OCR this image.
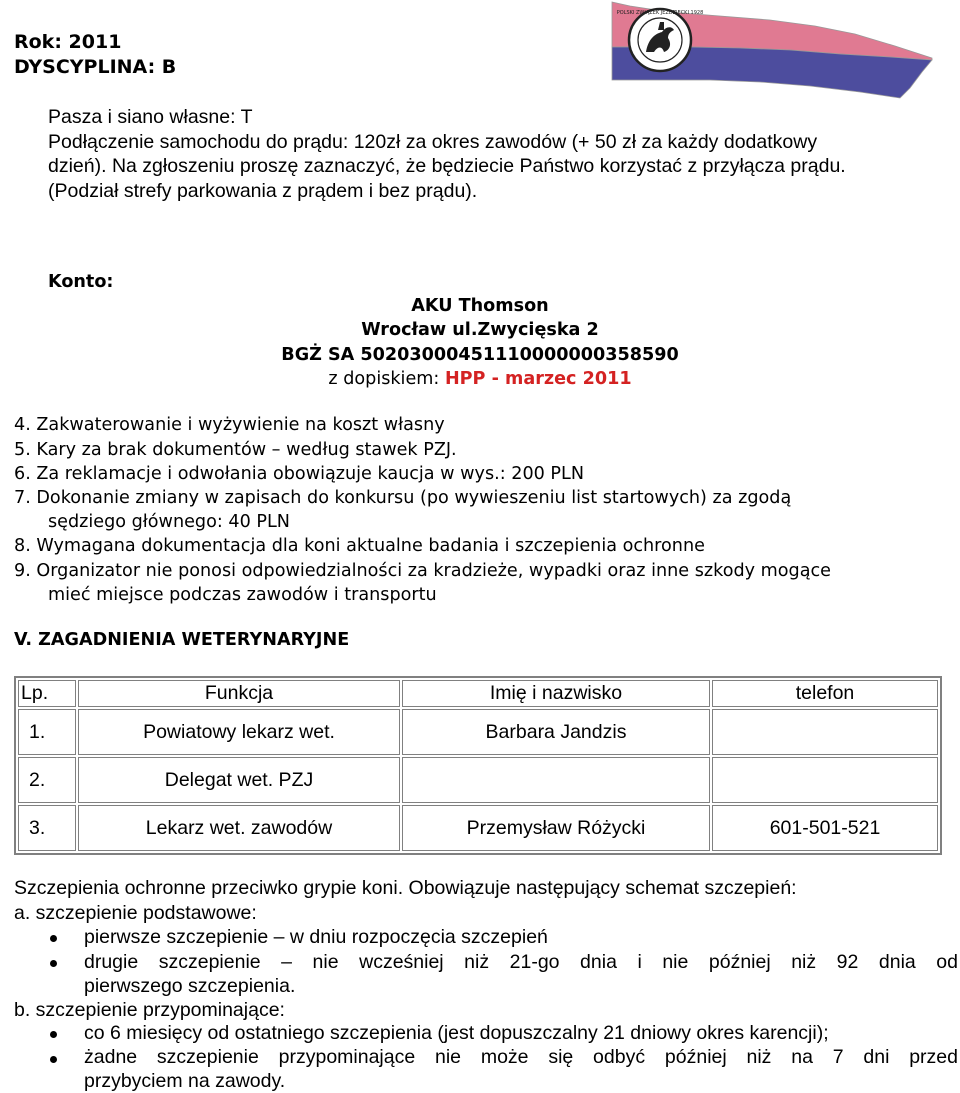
Rok: 2011
DYSCYPLINA: B
POLSKI ZWIĄZEK JEŹDZIECKI 1928
Pasza i siano własne: T
Podłączenie samochodu do prądu: 120zł za okres zawodów (+ 50 zł za każdy dodatkowy
dzień). Na zgłoszeniu proszę zaznaczyć, że będziecie Państwo korzystać z przyłącza prądu.
(Podział strefy parkowania z prądem i bez prądu).
Konto:
AKU Thomson
Wrocław ul.Zwycięska 2
BGŻ SA 50203000451110000000358590
z dopiskiem: HPP - marzec 2011
4. Zakwaterowanie i wyżywienie na koszt własny
5. Kary za brak dokumentów – według stawek PZJ.
6. Za reklamacje i odwołania obowiązuje kaucja w wys.: 200 PLN
7. Dokonanie zmiany w zapisach do konkursu (po wywieszeniu list startowych) za zgodą
sędziego głównego: 40 PLN
8. Wymagana dokumentacja dla koni aktualne badania i szczepienia ochronne
9. Organizator nie ponosi odpowiedzialności za kradzieże, wypadki oraz inne szkody mogące
mieć miejsce podczas zawodów i transportu
V. ZAGADNIENIA WETERYNARYJNE
Lp.	Funkcja	Imię i nazwisko	telefon
1.	Powiatowy lekarz wet.	Barbara Jandzis	
2.	Delegat wet. PZJ		
3.	Lekarz wet. zawodów	Przemysław Różycki	601-501-521
Szczepienia ochronne przeciwko grypie koni. Obowiązuje następujący schemat szczepień:
a. szczepienie podstawowe:
pierwsze szczepienie – w dniu rozpoczęcia szczepień
drugie szczepienie – nie wcześniej niż 21-go dnia i nie później niż 92 dnia od
pierwszego szczepienia.
b. szczepienie przypominające:
co 6 miesięcy od ostatniego szczepienia (jest dopuszczalny 21 dniowy okres karencji);
żadne szczepienie przypominające nie może się odbyć później niż na 7 dni przed
przybyciem na zawody.
